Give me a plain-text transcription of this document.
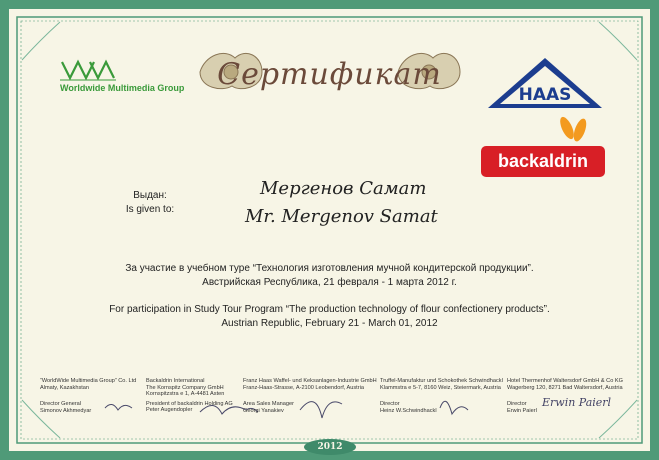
HAAS
Worldwide Multimedia Group	Сертификат
backaldrin
Выдан:
Is given to:
Мергенов Самат
Mr. Mergenov Samat
За участие в учебном туре “Технология изготовления мучной кондитерской продукции”.
Австрийская Республика, 21 февраля - 1 марта 2012 г.
For participation in Study Tour Program “The production technology of flour confectionery products”.
Austrian Republic, February 21 - March 01, 2012
“WorldWide Multimedia Group” Co. Ltd
Almaty, Kazakhstan
Director General
Simonov Akhmedyar
Backaldrin International
The Kornspitz Company GmbH
Kornspitzstra e 1, A-4481 Asten
President of backaldrin Holding AG
Peter Augendopler
Franz Haas Waffel- und Keksanlagen-Industrie GmbH
Franz-Haas-Strasse, A-2100 Leobendorf, Austria
Area Sales Manager
Georgi Yanakiev
Truffel-Manufaktur und Schokothek Schwindhackl
Klammstra e 5-7, 8160 Weiz, Steiermark, Austria
Director
Heinz W.Schwindhackl
Hotel Thermenhof Waltersdorf GmbH & Co KG
Wagerberg 120, 8271 Bad Waltersdorf, Austria
Director
Erwin Paierl
Erwin Paierl
2012
